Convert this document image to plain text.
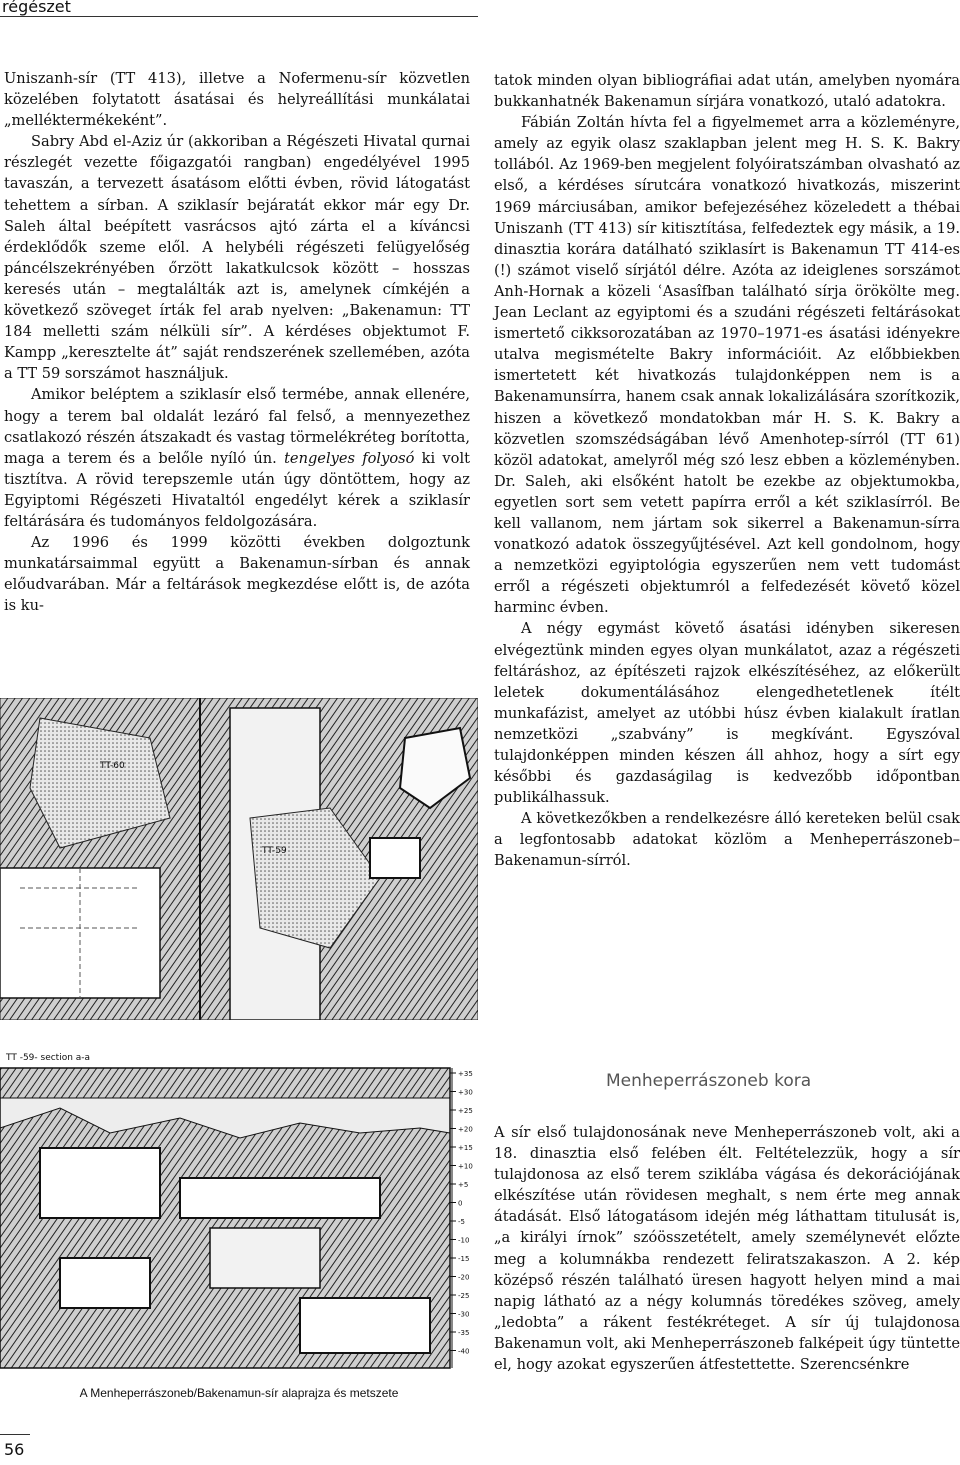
régészet

Uniszanh-sír (TT 413), illetve a Nofermenu-sír közvetlen közelében folytatott ásatásai és helyreállítási munkálatai „melléktermékeként”.

Sabry Abd el-Aziz úr (akkoriban a Régészeti Hivatal qurnai részlegét vezette főigazgatói rangban) engedélyével 1995 tavaszán, a tervezett ásatásom előtti évben, rövid látogatást tehettem a sírban. A sziklasír bejáratát ekkor már egy Dr. Saleh által beépített vasrácsos ajtó zárta el a kíváncsi érdeklődők szeme elől. A helybéli régészeti felügyelőség páncélszekrényében őrzött lakatkulcsok között – hosszas keresés után – megtalálták azt is, amelynek címkéjén a következő szöveget írták fel arab nyelven: „Bakenamun: TT 184 melletti szám nélküli sír”. A kérdéses objektumot F. Kampp „keresztelte át” saját rendszerének szellemében, azóta a TT 59 sorszámot használjuk.

Amikor beléptem a sziklasír első termébe, annak ellenére, hogy a terem bal oldalát lezáró fal felső, a mennyezethez csatlakozó részén átszakadt és vastag törmelékréteg borította, maga a terem és a belőle nyíló ún. tengelyes folyosó ki volt tisztítva. A rövid terepszemle után úgy döntöttem, hogy az Egyiptomi Régészeti Hivataltól engedélyt kérek a sziklasír feltárására és tudományos feldolgozására.

Az 1996 és 1999 közötti években dolgoztunk munkatársaimmal együtt a Bakenamun-sírban és annak előudvarában. Már a feltárások megkezdése előtt is, de azóta is ku-

tatok minden olyan bibliográfiai adat után, amelyben nyomára bukkanhatnék Bakenamun sírjára vonatkozó, utaló adatokra.

Fábián Zoltán hívta fel a figyelmemet arra a közleményre, amely az egyik olasz szaklapban jelent meg H. S. K. Bakry tollából. Az 1969-ben megjelent folyóiratszámban olvasható az első, a kérdéses sírutcára vonatkozó hivatkozás, miszerint 1969 márciusában, amikor befejezéséhez közeledett a thébai Uniszanh (TT 413) sír kitisztítása, felfedeztek egy másik, a 19. dinasztia korára datálható sziklasírt is Bakenamun TT 414-es (!) számot viselő sírjától délre. Azóta az ideiglenes sorszámot Anh-Hornak a közeli ʿAsasîfban található sírja örökölte meg. Jean Leclant az egyiptomi és a szudáni régészeti feltárásokat ismertető cikksorozatában az 1970–1971-es ásatási idényekre utalva megismételte Bakry információit. Az előbbiekben ismertetett két hivatkozás tulajdonképpen nem is a Bakenamunsírra, hanem csak annak lokalizálására szorítkozik, hiszen a következő mondatokban már H. S. K. Bakry a közvetlen szomszédságában lévő Amenhotep-sírról (TT 61) közöl adatokat, amelyről még szó lesz ebben a közleményben. Dr. Saleh, aki elsőként hatolt be ezekbe az objektumokba, egyetlen sort sem vetett papírra erről a két sziklasírról. Be kell vallanom, nem jártam sok sikerrel a Bakenamun-sírra vonatkozó adatok összegyűjtésével. Azt kell gondolnom, hogy a nemzetközi egyiptológia egyszerűen nem vett tudomást erről a régészeti objektumról a felfedezését követő közel harminc évben.

A négy egymást követő ásatási idényben sikeresen elvégeztünk minden egyes olyan munkálatot, azaz a régészeti feltáráshoz, az építészeti rajzok elkészítéséhez, az előkerült leletek dokumentálásához elengedhetetlenek ítélt munkafázist, amelyet az utóbbi húsz évben kialakult íratlan nemzetközi „szabvány” is megkívánt. Egyszóval tulajdonképpen minden készen áll ahhoz, hogy a sírt egy későbbi és gazdaságilag is kedvezőbb időpontban publikálhassuk.

A következőkben a rendelkezésre álló kereteken belül csak a legfontosabb adatokat közlöm a Menheperrászoneb–Bakenamun-sírról.

TT-60
TT-59
TT -59- section a-a
+35
+30
+25
+20
+15
+10
+5
0
-5
-10
-15
-20
-25
-30
-35
-40
A Menheperrászoneb/Bakenamun-sír alaprajza és metszete
Menheperrászoneb kora

A sír első tulajdonosának neve Menheperrászoneb volt, aki a 18. dinasztia első felében élt. Feltételezzük, hogy a sír tulajdonosa az első terem sziklába vágása és dekorációjának elkészítése után rövidesen meghalt, s nem érte meg annak átadását. Első látogatásom idején még láthattam titulusát is, „a királyi írnok” szóösszetételt, amely személynevét előzte meg a kolumnákba rendezett feliratszakaszon. A 2. kép középső részén található üresen hagyott helyen mind a mai napig látható az a négy kolumnás töredékes szöveg, amely „ledobta” a rákent festékréteget. A sír új tulajdonosa Bakenamun volt, aki Menheperrászoneb falképeit úgy tüntette el, hogy azokat egyszerűen átfestettette. Szerencsénkre

56
